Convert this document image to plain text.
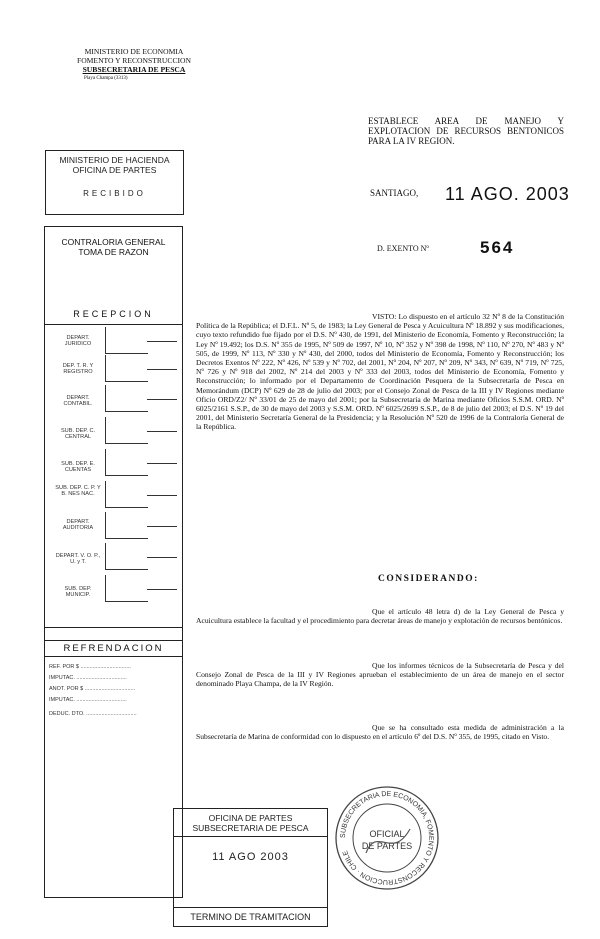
MINISTERIO DE ECONOMIA
FOMENTO Y RECONSTRUCCION
SUBSECRETARIA DE PESCA
Playa Champa (3313)
MINISTERIO DE HACIENDA
OFICINA DE PARTES
RECIBIDO
CONTRALORIA GENERAL
TOMA DE RAZON
RECEPCION
DEPART. JURIDICO
DEP. T. R. Y REGISTRO
DEPART. CONTABIL.
SUB. DEP. C. CENTRAL
SUB. DEP. E. CUENTAS
SUB. DEP. C. P. Y B. NES NAC.
DEPART. AUDITORIA
DEPART. V. O. P., U. y T.
SUB. DEP. MUNICIP.
REFRENDACION
REF. POR $ .................................
IMPUTAC. .................................
ANOT. POR $ .................................
IMPUTAC. .................................
DEDUC. DTO. .................................
ESTABLECE AREA DE MANEJO Y EXPLOTACION DE RECURSOS BENTONICOS PARA LA IV REGION.
SANTIAGO, 11 AGO. 2003
D. EXENTO Nº	564

VISTO: Lo dispuesto en el artículo 32 Nº 8 de la Constitución Política de la República; el D.F.L. Nº 5, de 1983; la Ley General de Pesca y Acuicultura Nº 18.892 y sus modificaciones, cuyo texto refundido fue fijado por el D.S. Nº 430, de 1991, del Ministerio de Economía, Fomento y Reconstrucción; la Ley Nº 19.492; los D.S. Nº 355 de 1995, Nº 509 de 1997, Nº 10, Nº 352 y Nº 398 de 1998, Nº 110, Nº 270, Nº 483 y Nº 505, de 1999, Nº 113, Nº 330 y Nº 430, del 2000, todos del Ministerio de Economía, Fomento y Reconstrucción; los Decretos Exentos Nº 222, Nº 426, Nº 539 y Nº 702, del 2001, Nº 204, Nº 207, Nº 209, Nº 343, Nº 639, Nº 719, Nº 725, Nº 726 y Nº 918 del 2002, Nº 214 del 2003 y Nº 333 del 2003, todos del Ministerio de Economía, Fomento y Reconstrucción; lo informado por el Departamento de Coordinación Pesquera de la Subsecretaría de Pesca en Memorándum (DCP) Nº 629 de 28 de julio del 2003; por el Consejo Zonal de Pesca de la III y IV Regiones mediante Oficio ORD/Z2/ Nº 33/01 de 25 de mayo del 2001; por la Subsecretaría de Marina mediante Oficios S.S.M. ORD. Nº 6025/2161 S.S.P., de 30 de mayo del 2003 y S.S.M. ORD. Nº 6025/2699 S.S.P., de 8 de julio del 2003; el D.S. Nº 19 del 2001, del Ministerio Secretaría General de la Presidencia; y la Resolución Nº 520 de 1996 de la Contraloría General de la República.

CONSIDERANDO:

Que el artículo 48 letra d) de la Ley General de Pesca y Acuicultura establece la facultad y el procedimiento para decretar áreas de manejo y explotación de recursos bentónicos.

Que los informes técnicos de la Subsecretaría de Pesca y del Consejo Zonal de Pesca de la III y IV Regiones aprueban el establecimiento de un área de manejo en el sector denominado Playa Champa, de la IV Región.

Que se ha consultado esta medida de administración a la Subsecretaría de Marina de conformidad con lo dispuesto en el artículo 6º del D.S. Nº 355, de 1995, citado en Visto.

OFICINA DE PARTES
SUBSECRETARIA DE PESCA
11 AGO 2003
TERMINO DE TRAMITACION
SUBSECRETARIA DE ECONOMIA, FOMENTO Y RECONSTRUCCION · CHILE
OFICIAL
DE PARTES
